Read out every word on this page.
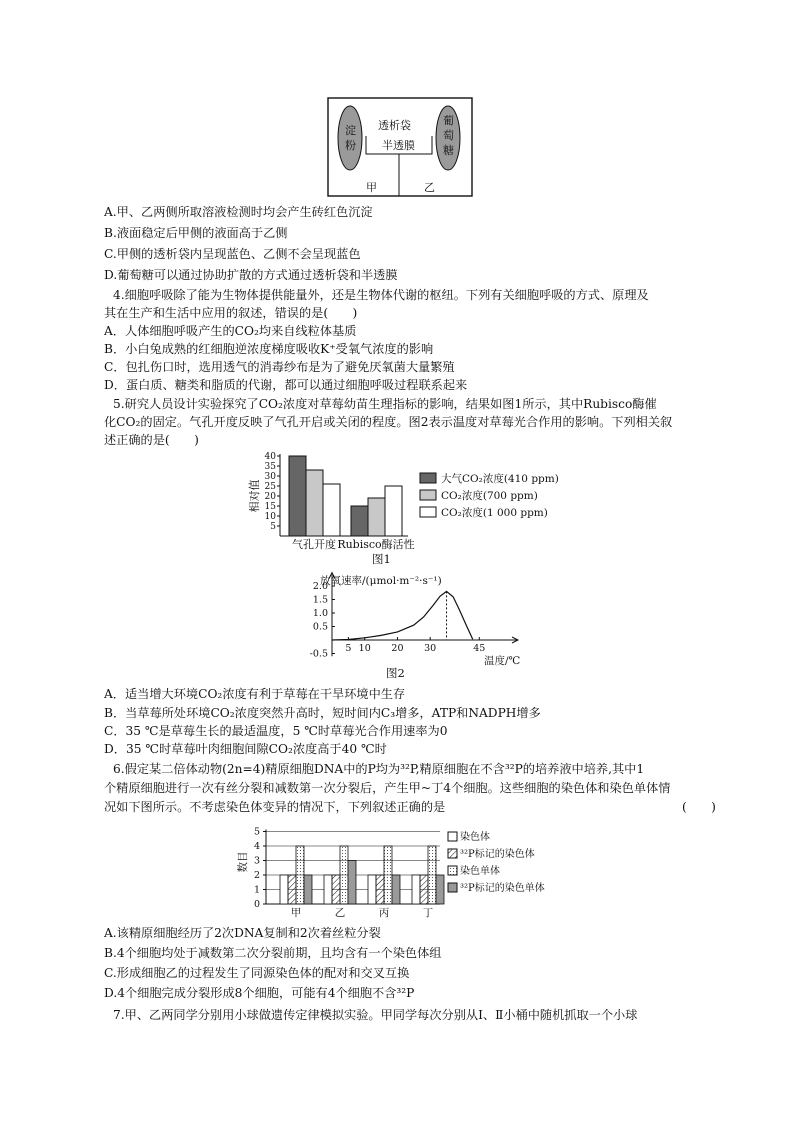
淀
粉
葡
萄
糖
透析袋
半透膜
甲	乙
A.甲、乙两侧所取溶液检测时均会产生砖红色沉淀
B.液面稳定后甲侧的液面高于乙侧
C.甲侧的透析袋内呈现蓝色、乙侧不会呈现蓝色
D.葡萄糖可以通过协助扩散的方式通过透析袋和半透膜
4.细胞呼吸除了能为生物体提供能量外，还是生物体代谢的枢纽。下列有关细胞呼吸的方式、原理及
其在生产和生活中应用的叙述，错误的是(　　)
A．人体细胞呼吸产生的CO₂均来自线粒体基质
B．小白兔成熟的红细胞逆浓度梯度吸收K⁺受氧气浓度的影响
C．包扎伤口时，选用透气的消毒纱布是为了避免厌氧菌大量繁殖
D．蛋白质、糖类和脂质的代谢，都可以通过细胞呼吸过程联系起来
5.研究人员设计实验探究了CO₂浓度对草莓幼苗生理指标的影响，结果如图1所示，其中Rubisco酶催
化CO₂的固定。气孔开度反映了气孔开启或关闭的程度。图2表示温度对草莓光合作用的影响。下列相关叙
述正确的是(　　)
5
10
15
20
25
30
35
40
相对值
气孔开度 Rubisco酶活性
大气CO₂浓度(410 ppm)
CO₂浓度(700 ppm)
CO₂浓度(1 000 ppm)
图1
放氧速率/(μmol·m⁻²·s⁻¹)
-0.5
0.5
1.0
1.5
2.0
5 10 20 30	45
温度/℃
图2
A．适当增大环境CO₂浓度有利于草莓在干旱环境中生存
B．当草莓所处环境CO₂浓度突然升高时，短时间内C₃增多，ATP和NADPH增多
C．35 ℃是草莓生长的最适温度，5 ℃时草莓光合作用速率为0
D．35 ℃时草莓叶肉细胞间隙CO₂浓度高于40 ℃时
6.假定某二倍体动物(2n=4)精原细胞DNA中的P均为³²P,精原细胞在不含³²P的培养液中培养,其中1
个精原细胞进行一次有丝分裂和减数第一次分裂后，产生甲~丁4个细胞。这些细胞的染色体和染色单体情
况如下图所示。不考虑染色体变异的情况下，下列叙述正确的是	(　　)
0
1
2
3
4
5
数目
甲	乙	丙	丁
染色体
³²P标记的染色体
染色单体
³²P标记的染色单体
A.该精原细胞经历了2次DNA复制和2次着丝粒分裂
B.4个细胞均处于减数第二次分裂前期，且均含有一个染色体组
C.形成细胞乙的过程发生了同源染色体的配对和交叉互换
D.4个细胞完成分裂形成8个细胞，可能有4个细胞不含³²P
7.甲、乙两同学分别用小球做遗传定律模拟实验。甲同学每次分别从Ⅰ、Ⅱ小桶中随机抓取一个小球
